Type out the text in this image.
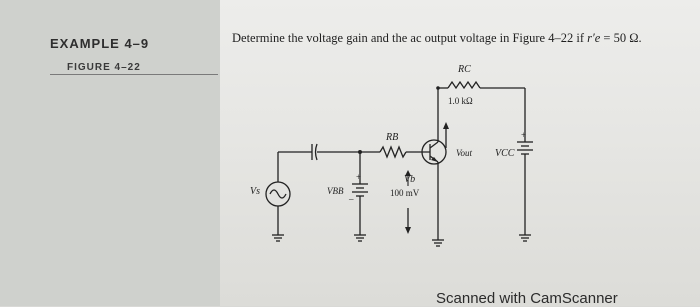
EXAMPLE 4–9
FIGURE 4–22
Determine the voltage gain and the ac output voltage in Figure 4–22 if r′e = 50 Ω.
RC
1.0 kΩ
RB
VCC
+
Vout
Vs	VBB
+
–
Vb
100 mV
Scanned with CamScanner
